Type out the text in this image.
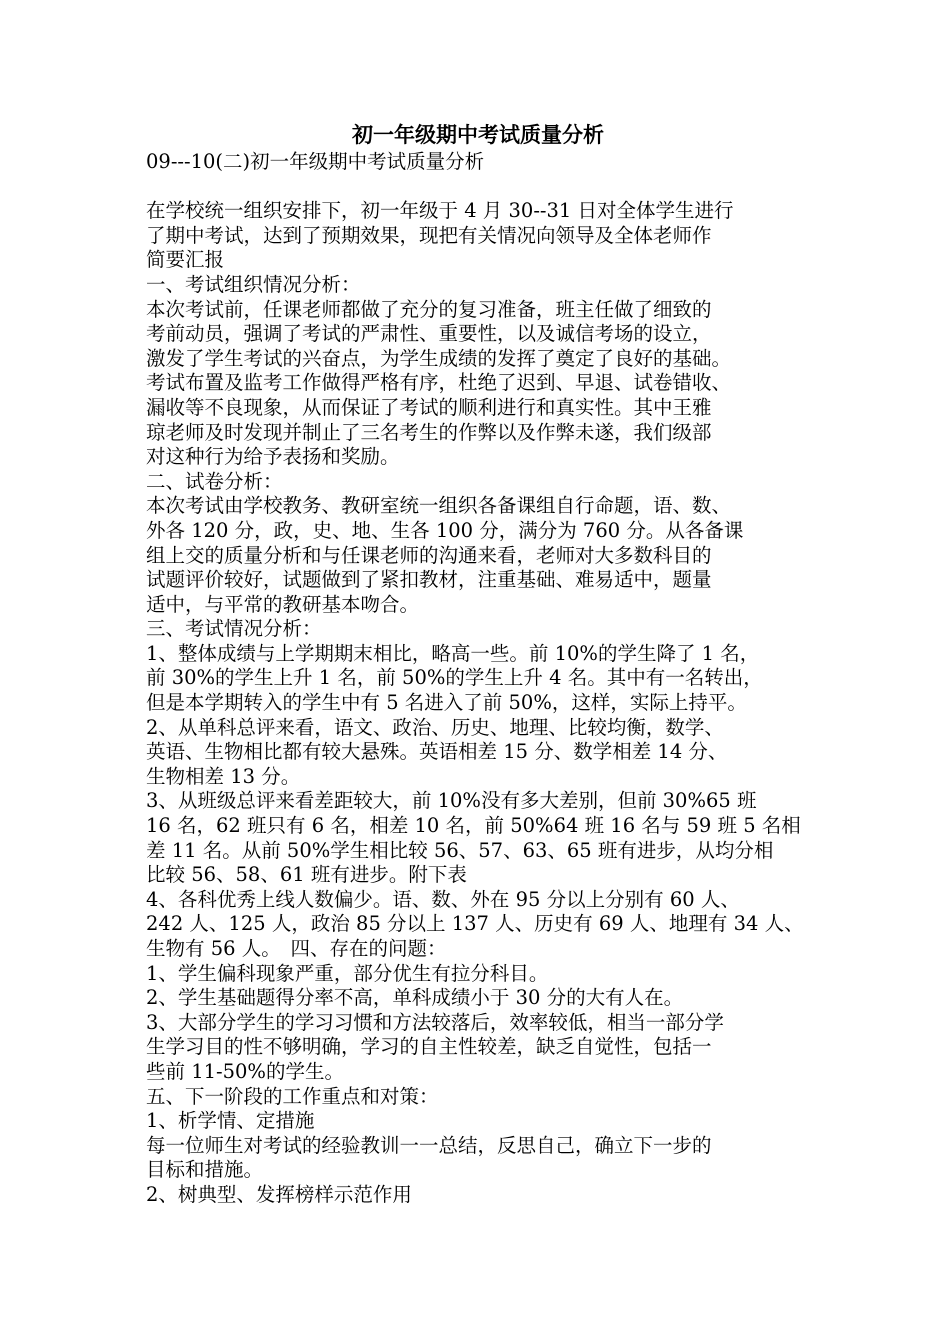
初一年级期中考试质量分析
09---10(二)初一年级期中考试质量分析
在学校统一组织安排下，初一年级于 4 月 30--31 日对全体学生进行
了期中考试，达到了预期效果，现把有关情况向领导及全体老师作
简要汇报
一、考试组织情况分析：
本次考试前，任课老师都做了充分的复习准备，班主任做了细致的
考前动员，强调了考试的严肃性、重要性，以及诚信考场的设立，
激发了学生考试的兴奋点，为学生成绩的发挥了奠定了良好的基础。
考试布置及监考工作做得严格有序，杜绝了迟到、早退、试卷错收、
漏收等不良现象，从而保证了考试的顺利进行和真实性。其中王雅
琼老师及时发现并制止了三名考生的作弊以及作弊未遂，我们级部
对这种行为给予表扬和奖励。
二、试卷分析：
本次考试由学校教务、教研室统一组织各备课组自行命题，语、数、
外各 120 分，政，史、地、生各 100 分，满分为 760 分。从各备课
组上交的质量分析和与任课老师的沟通来看，老师对大多数科目的
试题评价较好，试题做到了紧扣教材，注重基础、难易适中，题量
适中，与平常的教研基本吻合。
三、考试情况分析：
1、整体成绩与上学期期末相比，略高一些。前 10%的学生降了 1 名，
前 30%的学生上升 1 名，前 50%的学生上升 4 名。其中有一名转出，
但是本学期转入的学生中有 5 名进入了前 50%，这样，实际上持平。
2、从单科总评来看，语文、政治、历史、地理、比较均衡，数学、
英语、生物相比都有较大悬殊。英语相差 15 分、数学相差 14 分、
生物相差 13 分。
3、从班级总评来看差距较大，前 10%没有多大差别，但前 30%65 班
16 名，62 班只有 6 名，相差 10 名，前 50%64 班 16 名与 59 班 5 名相
差 11 名。从前 50%学生相比较 56、57、63、65 班有进步，从均分相
比较 56、58、61 班有进步。附下表
4、各科优秀上线人数偏少。语、数、外在 95 分以上分别有 60 人、
242 人、125 人，政治 85 分以上 137 人、历史有 69 人、地理有 34 人、
生物有 56 人。　四、存在的问题：
1、学生偏科现象严重，部分优生有拉分科目。
2、学生基础题得分率不高，单科成绩小于 30 分的大有人在。
3、大部分学生的学习习惯和方法较落后，效率较低，相当一部分学
生学习目的性不够明确，学习的自主性较差，缺乏自觉性，包括一
些前 11-50%的学生。
五、下一阶段的工作重点和对策：
1、析学情、定措施
每一位师生对考试的经验教训一一总结，反思自己，确立下一步的
目标和措施。
2、树典型、发挥榜样示范作用
